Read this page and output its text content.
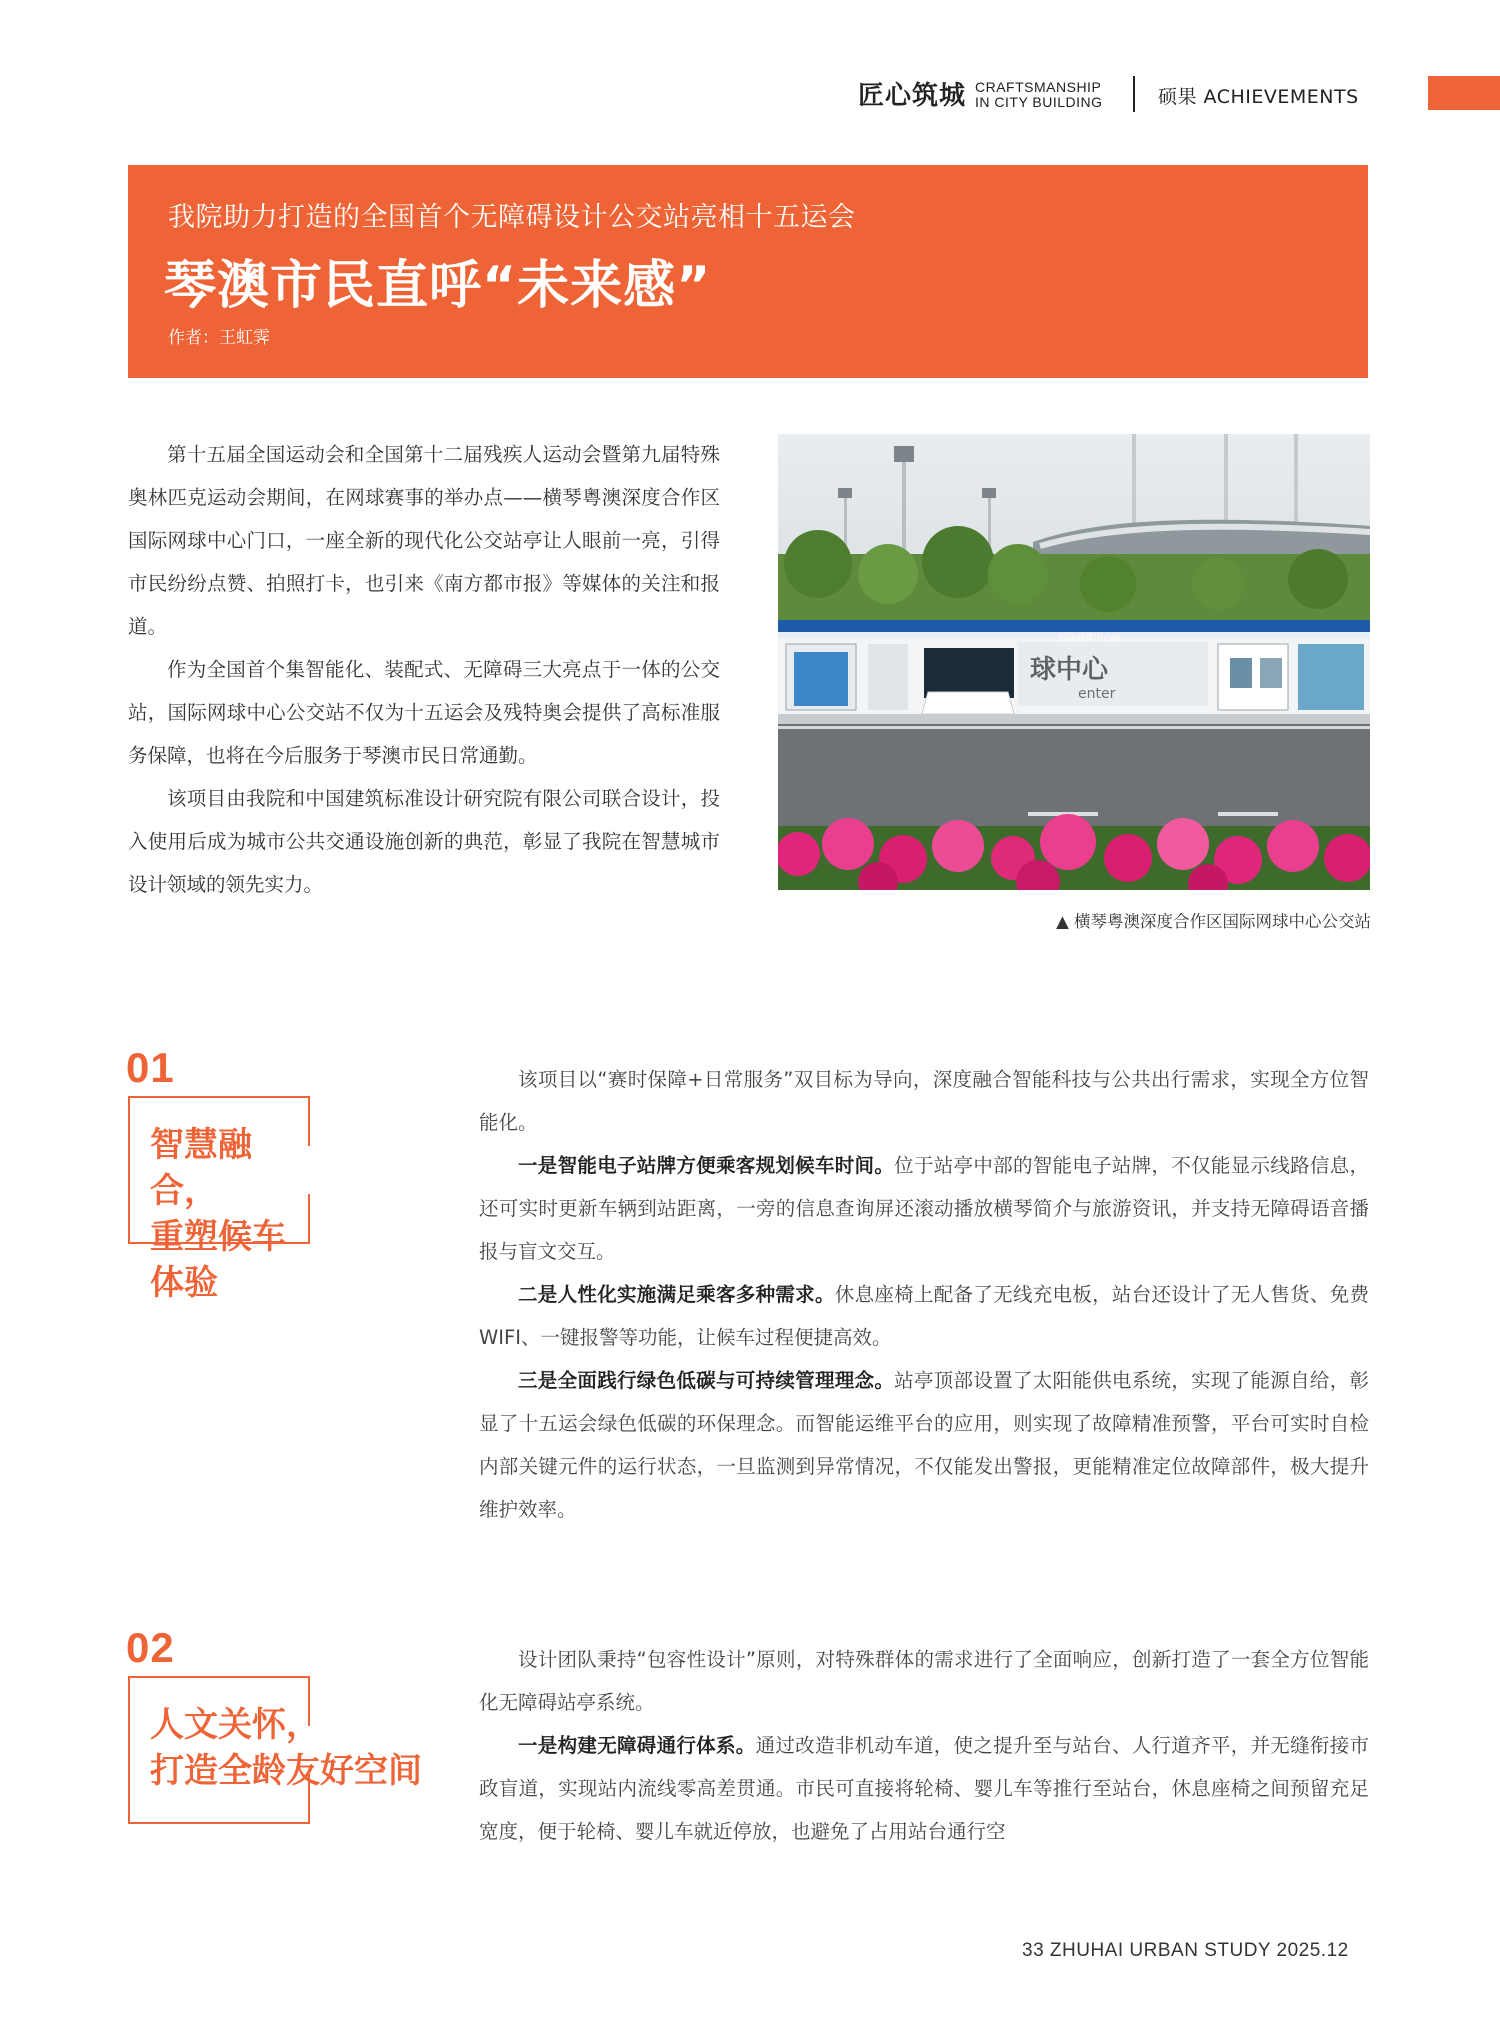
匠心筑城 CRAFTSMANSHIP
IN CITY BUILDING	硕果 ACHIEVEMENTS
我院助力打造的全国首个无障碍设计公交站亮相十五运会
琴澳市民直呼“未来感”
作者：王虹霁

第十五届全国运动会和全国第十二届残疾人运动会暨第九届特殊奥林匹克运动会期间，在网球赛事的举办点——横琴粤澳深度合作区国际网球中心门口，一座全新的现代化公交站亭让人眼前一亮，引得市民纷纷点赞、拍照打卡，也引来《南方都市报》等媒体的关注和报道。

作为全国首个集智能化、装配式、无障碍三大亮点于一体的公交站，国际网球中心公交站不仅为十五运会及残特奥会提供了高标准服务保障，也将在今后服务于琴澳市民日常通勤。

该项目由我院和中国建筑标准设计研究院有限公司联合设计，投入使用后成为城市公共交通设施创新的典范，彰显了我院在智慧城市设计领域的领先实力。

国际网球中心站
球中心
enter
▲ 横琴粤澳深度合作区国际网球中心公交站
01
智慧融合，
重塑候车体验

该项目以“赛时保障+日常服务”双目标为导向，深度融合智能科技与公共出行需求，实现全方位智能化。

一是智能电子站牌方便乘客规划候车时间。位于站亭中部的智能电子站牌，不仅能显示线路信息，还可实时更新车辆到站距离，一旁的信息查询屏还滚动播放横琴简介与旅游资讯，并支持无障碍语音播报与盲文交互。

二是人性化实施满足乘客多种需求。休息座椅上配备了无线充电板，站台还设计了无人售货、免费WIFI、一键报警等功能，让候车过程便捷高效。

三是全面践行绿色低碳与可持续管理理念。站亭顶部设置了太阳能供电系统，实现了能源自给，彰显了十五运会绿色低碳的环保理念。而智能运维平台的应用，则实现了故障精准预警，平台可实时自检内部关键元件的运行状态，一旦监测到异常情况，不仅能发出警报，更能精准定位故障部件，极大提升维护效率。

02
人文关怀，
打造全龄友好空间

设计团队秉持“包容性设计”原则，对特殊群体的需求进行了全面响应，创新打造了一套全方位智能化无障碍站亭系统。

一是构建无障碍通行体系。通过改造非机动车道，使之提升至与站台、人行道齐平，并无缝衔接市政盲道，实现站内流线零高差贯通。市民可直接将轮椅、婴儿车等推行至站台，休息座椅之间预留充足宽度，便于轮椅、婴儿车就近停放，也避免了占用站台通行空

33 ZHUHAI URBAN STUDY 2025.12
